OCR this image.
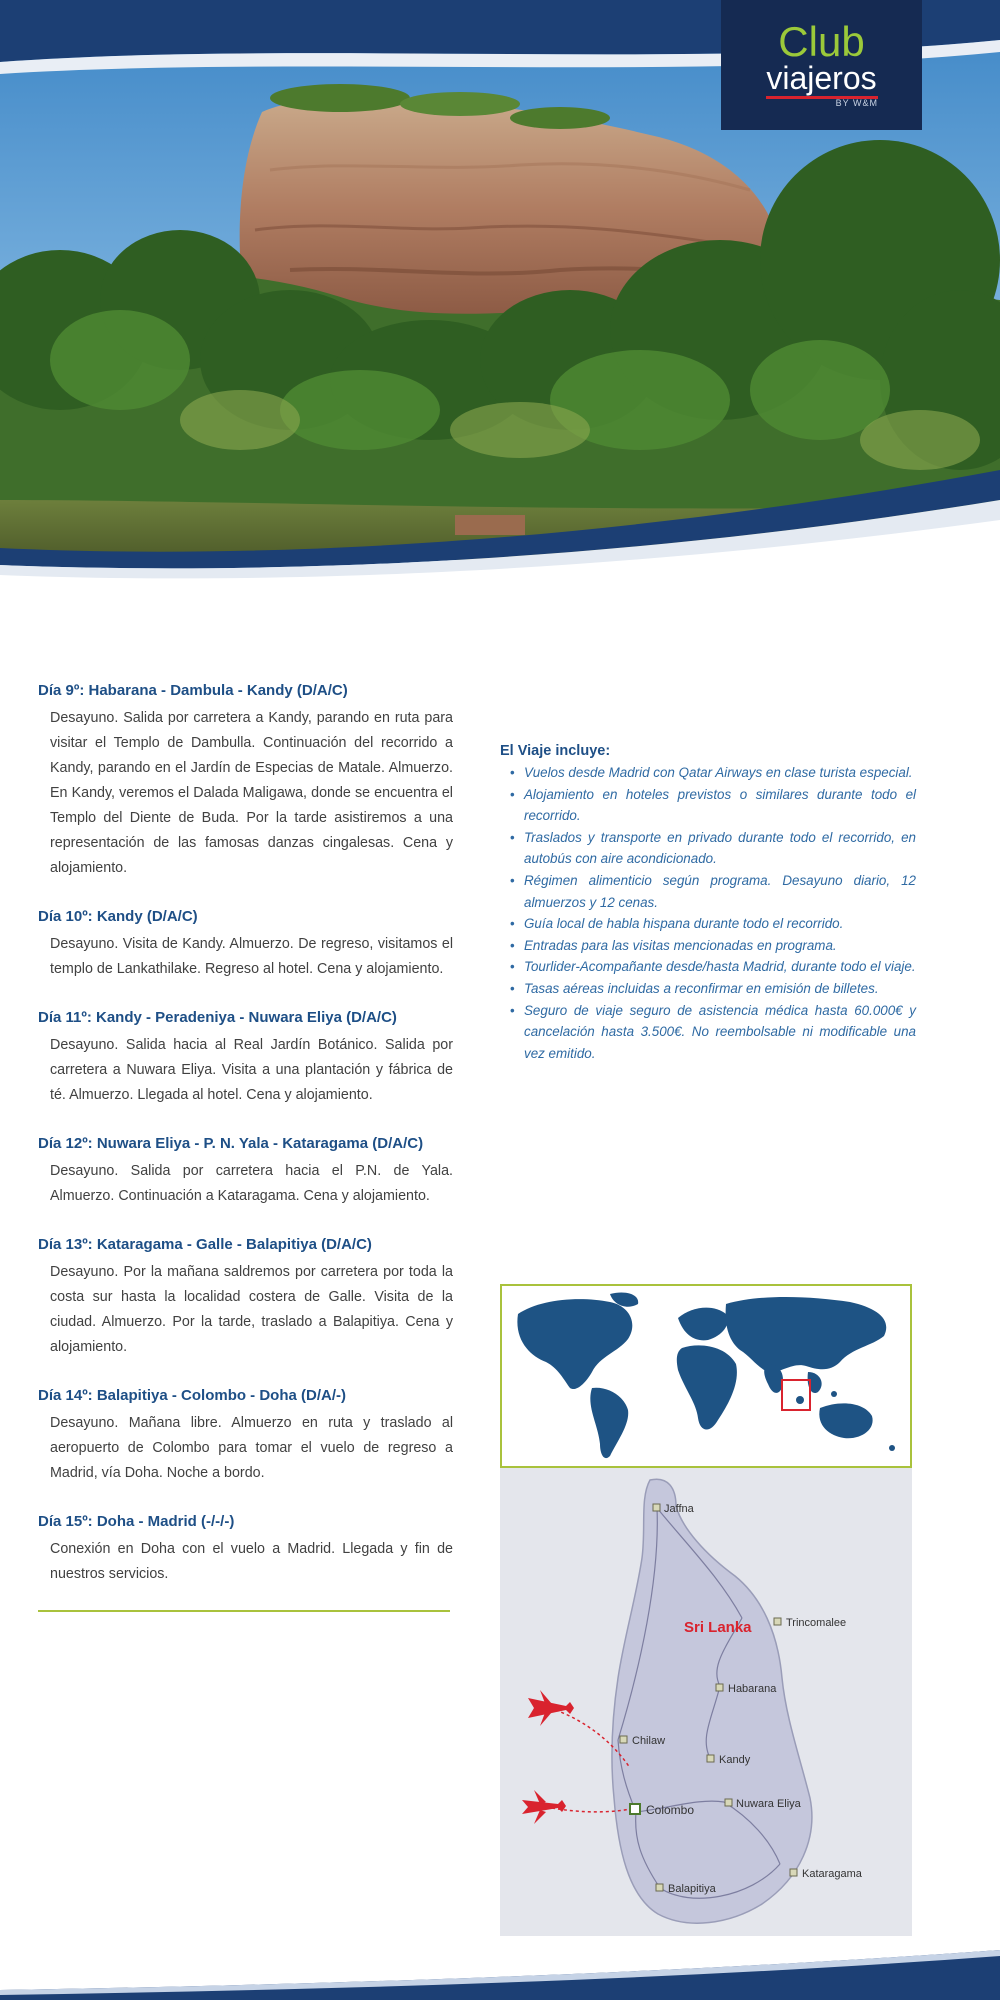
Club
viajeros
BY W&M
Día 9º: Habarana - Dambula - Kandy (D/A/C)

Desayuno. Salida por carretera a Kandy, parando en ruta para visitar el Templo de Dambulla. Continuación del recorrido a Kandy, parando en el Jardín de Especias de Matale. Almuerzo. En Kandy, veremos el Dalada Maligawa, donde se encuentra el Templo del Diente de Buda. Por la tarde asistiremos a una representación de las famosas danzas cingalesas. Cena y alojamiento.

Día 10º: Kandy (D/A/C)

Desayuno. Visita de Kandy. Almuerzo. De regreso, visitamos el templo de Lankathilake. Regreso al hotel. Cena y alojamiento.

Día 11º: Kandy - Peradeniya - Nuwara Eliya (D/A/C)

Desayuno. Salida hacia al Real Jardín Botánico. Salida por carretera a Nuwara Eliya. Visita a una plantación y fábrica de té. Almuerzo. Llegada al hotel. Cena y alojamiento.

Día 12º: Nuwara Eliya - P. N. Yala - Kataragama (D/A/C)

Desayuno. Salida por carretera hacia el P.N. de Yala. Almuerzo. Continuación a Kataragama. Cena y alojamiento.

Día 13º: Kataragama - Galle - Balapitiya (D/A/C)

Desayuno. Por la mañana saldremos por carretera por toda la costa sur hasta la localidad costera de Galle. Visita de la ciudad. Almuerzo. Por la tarde, traslado a Balapitiya. Cena y alojamiento.

Día 14º: Balapitiya - Colombo - Doha (D/A/-)

Desayuno. Mañana libre. Almuerzo en ruta y traslado al aeropuerto de Colombo para tomar el vuelo de regreso a Madrid, vía Doha. Noche a bordo.

Día 15º: Doha - Madrid (-/-/-)

Conexión en Doha con el vuelo a Madrid. Llegada y fin de nuestros servicios.

El Viaje incluye:
• Vuelos desde Madrid con Qatar Airways en clase turista especial.
• Alojamiento en hoteles previstos o similares durante todo el recorrido.
• Traslados y transporte en privado durante todo el recorrido, en autobús con aire acondicionado.
• Régimen alimenticio según programa. Desayuno diario, 12 almuerzos y 12 cenas.
• Guía local de habla hispana durante todo el recorrido.
• Entradas para las visitas mencionadas en programa.
• Tourlider-Acompañante desde/hasta Madrid, durante todo el viaje.
• Tasas aéreas incluidas a reconfirmar en emisión de billetes.
• Seguro de viaje seguro de asistencia médica hasta 60.000€ y cancelación hasta 3.500€. No reembolsable ni modificable una vez emitido.
Jaffna
Trincomalee
Habarana
Chilaw
Kandy
Colombo	Nuwara Eliya
Kataragama
Balapitiya
Sri Lanka
